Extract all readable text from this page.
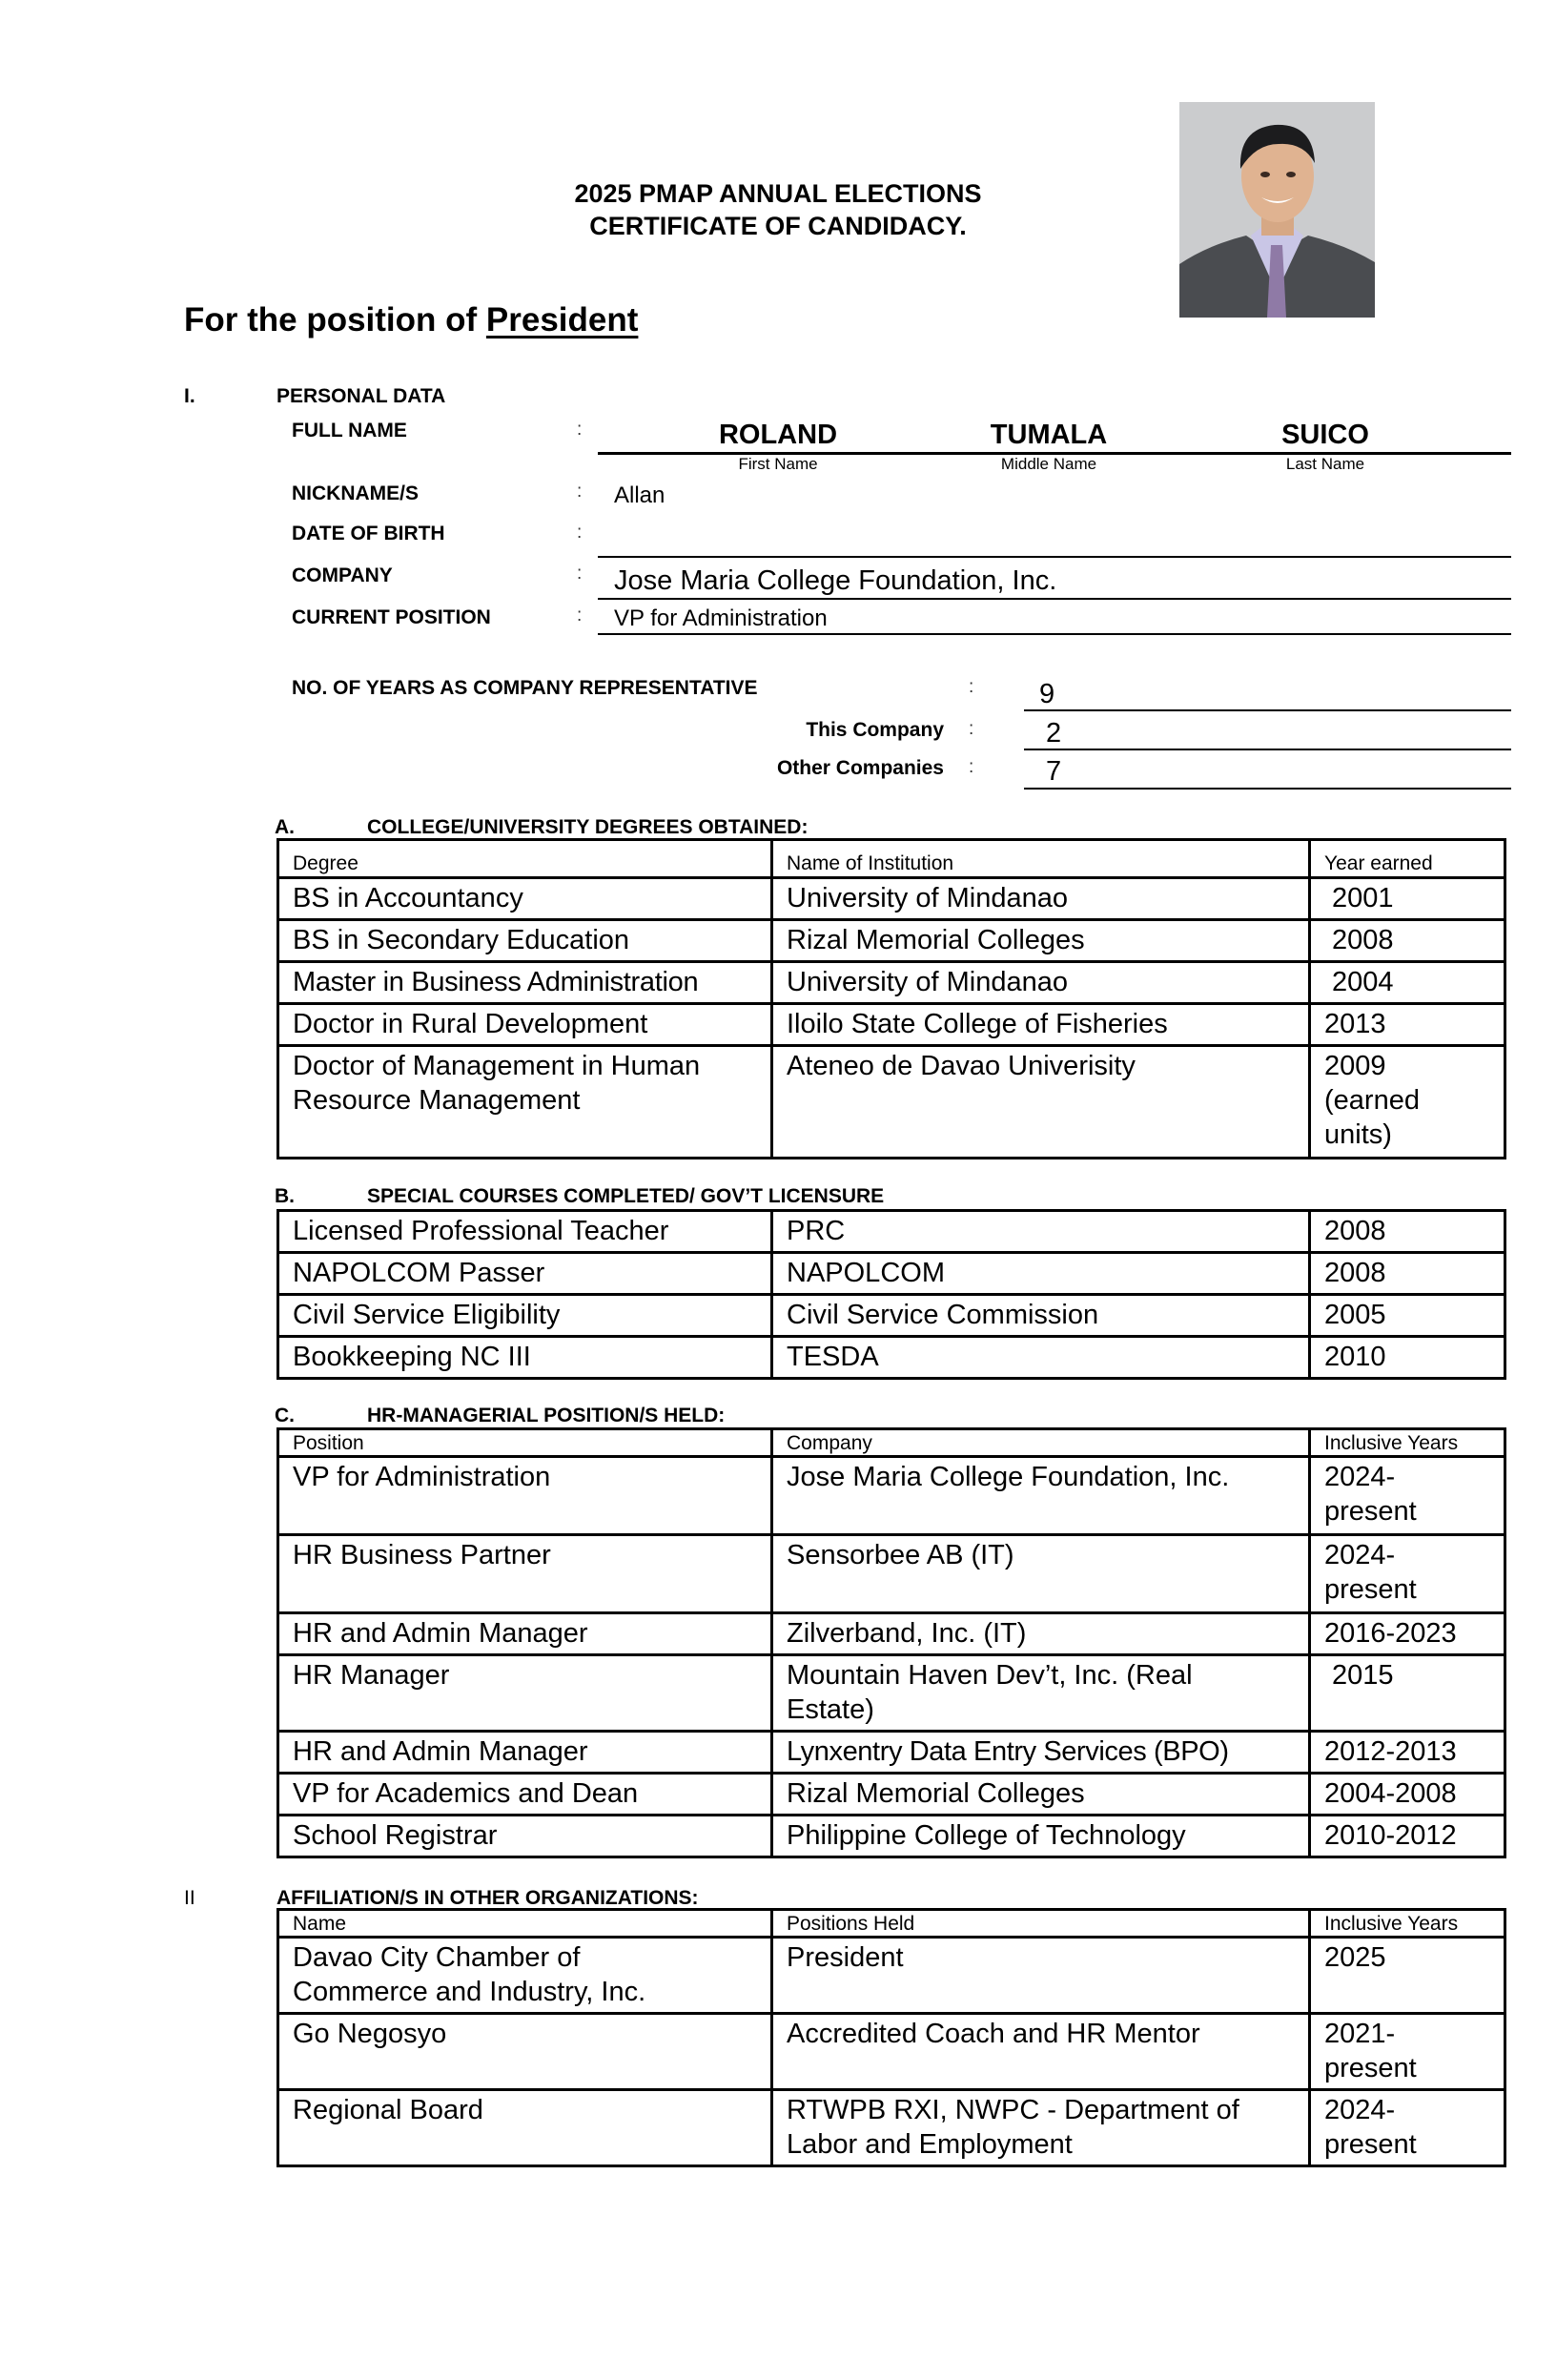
2025 PMAP ANNUAL ELECTIONS
CERTIFICATE OF CANDIDACY.
For the position of President
I.	PERSONAL DATA
FULL NAME	:	ROLAND	TUMALA	SUICO
First Name	Middle Name	Last Name
NICKNAME/S	: Allan
DATE OF BIRTH	:
COMPANY	: Jose Maria College Foundation, Inc.
CURRENT POSITION	: VP for Administration
NO. OF YEARS AS COMPANY REPRESENTATIVE	: 9
This Company :	2
Other Companies :	7
A.	COLLEGE/UNIVERSITY DEGREES OBTAINED:
Degree	Name of Institution	Year earned
BS in Accountancy	University of Mindanao	2001
BS in Secondary Education	Rizal Memorial Colleges	2008
Master in Business Administration	University of Mindanao	2004
Doctor in Rural Development	Iloilo State College of Fisheries	2013
Doctor of Management in Human Resource Management	Ateneo de Davao Univerisity	2009 (earned units)
B.	SPECIAL COURSES COMPLETED/ GOV’T LICENSURE
Licensed Professional Teacher	PRC	2008
NAPOLCOM Passer	NAPOLCOM	2008
Civil Service Eligibility	Civil Service Commission	2005
Bookkeeping NC III	TESDA	2010
C.	HR-MANAGERIAL POSITION/S HELD:
Position	Company	Inclusive Years
VP for Administration	Jose Maria College Foundation, Inc.	2024-present
HR Business Partner	Sensorbee AB (IT)	2024-present
HR and Admin Manager	Zilverband, Inc. (IT)	2016-2023
HR Manager	Mountain Haven Dev’t, Inc. (Real Estate)	2015
HR and Admin Manager	Lynxentry Data Entry Services (BPO)	2012-2013
VP for Academics and Dean	Rizal Memorial Colleges	2004-2008
School Registrar	Philippine College of Technology	2010-2012
II	AFFILIATION/S IN OTHER ORGANIZATIONS:
Name	Positions Held	Inclusive Years
Davao City Chamber of Commerce and Industry, Inc.	President	2025
Go Negosyo	Accredited Coach and HR Mentor	2021-present
Regional Board	RTWPB RXI, NWPC - Department of Labor and Employment	2024-present
